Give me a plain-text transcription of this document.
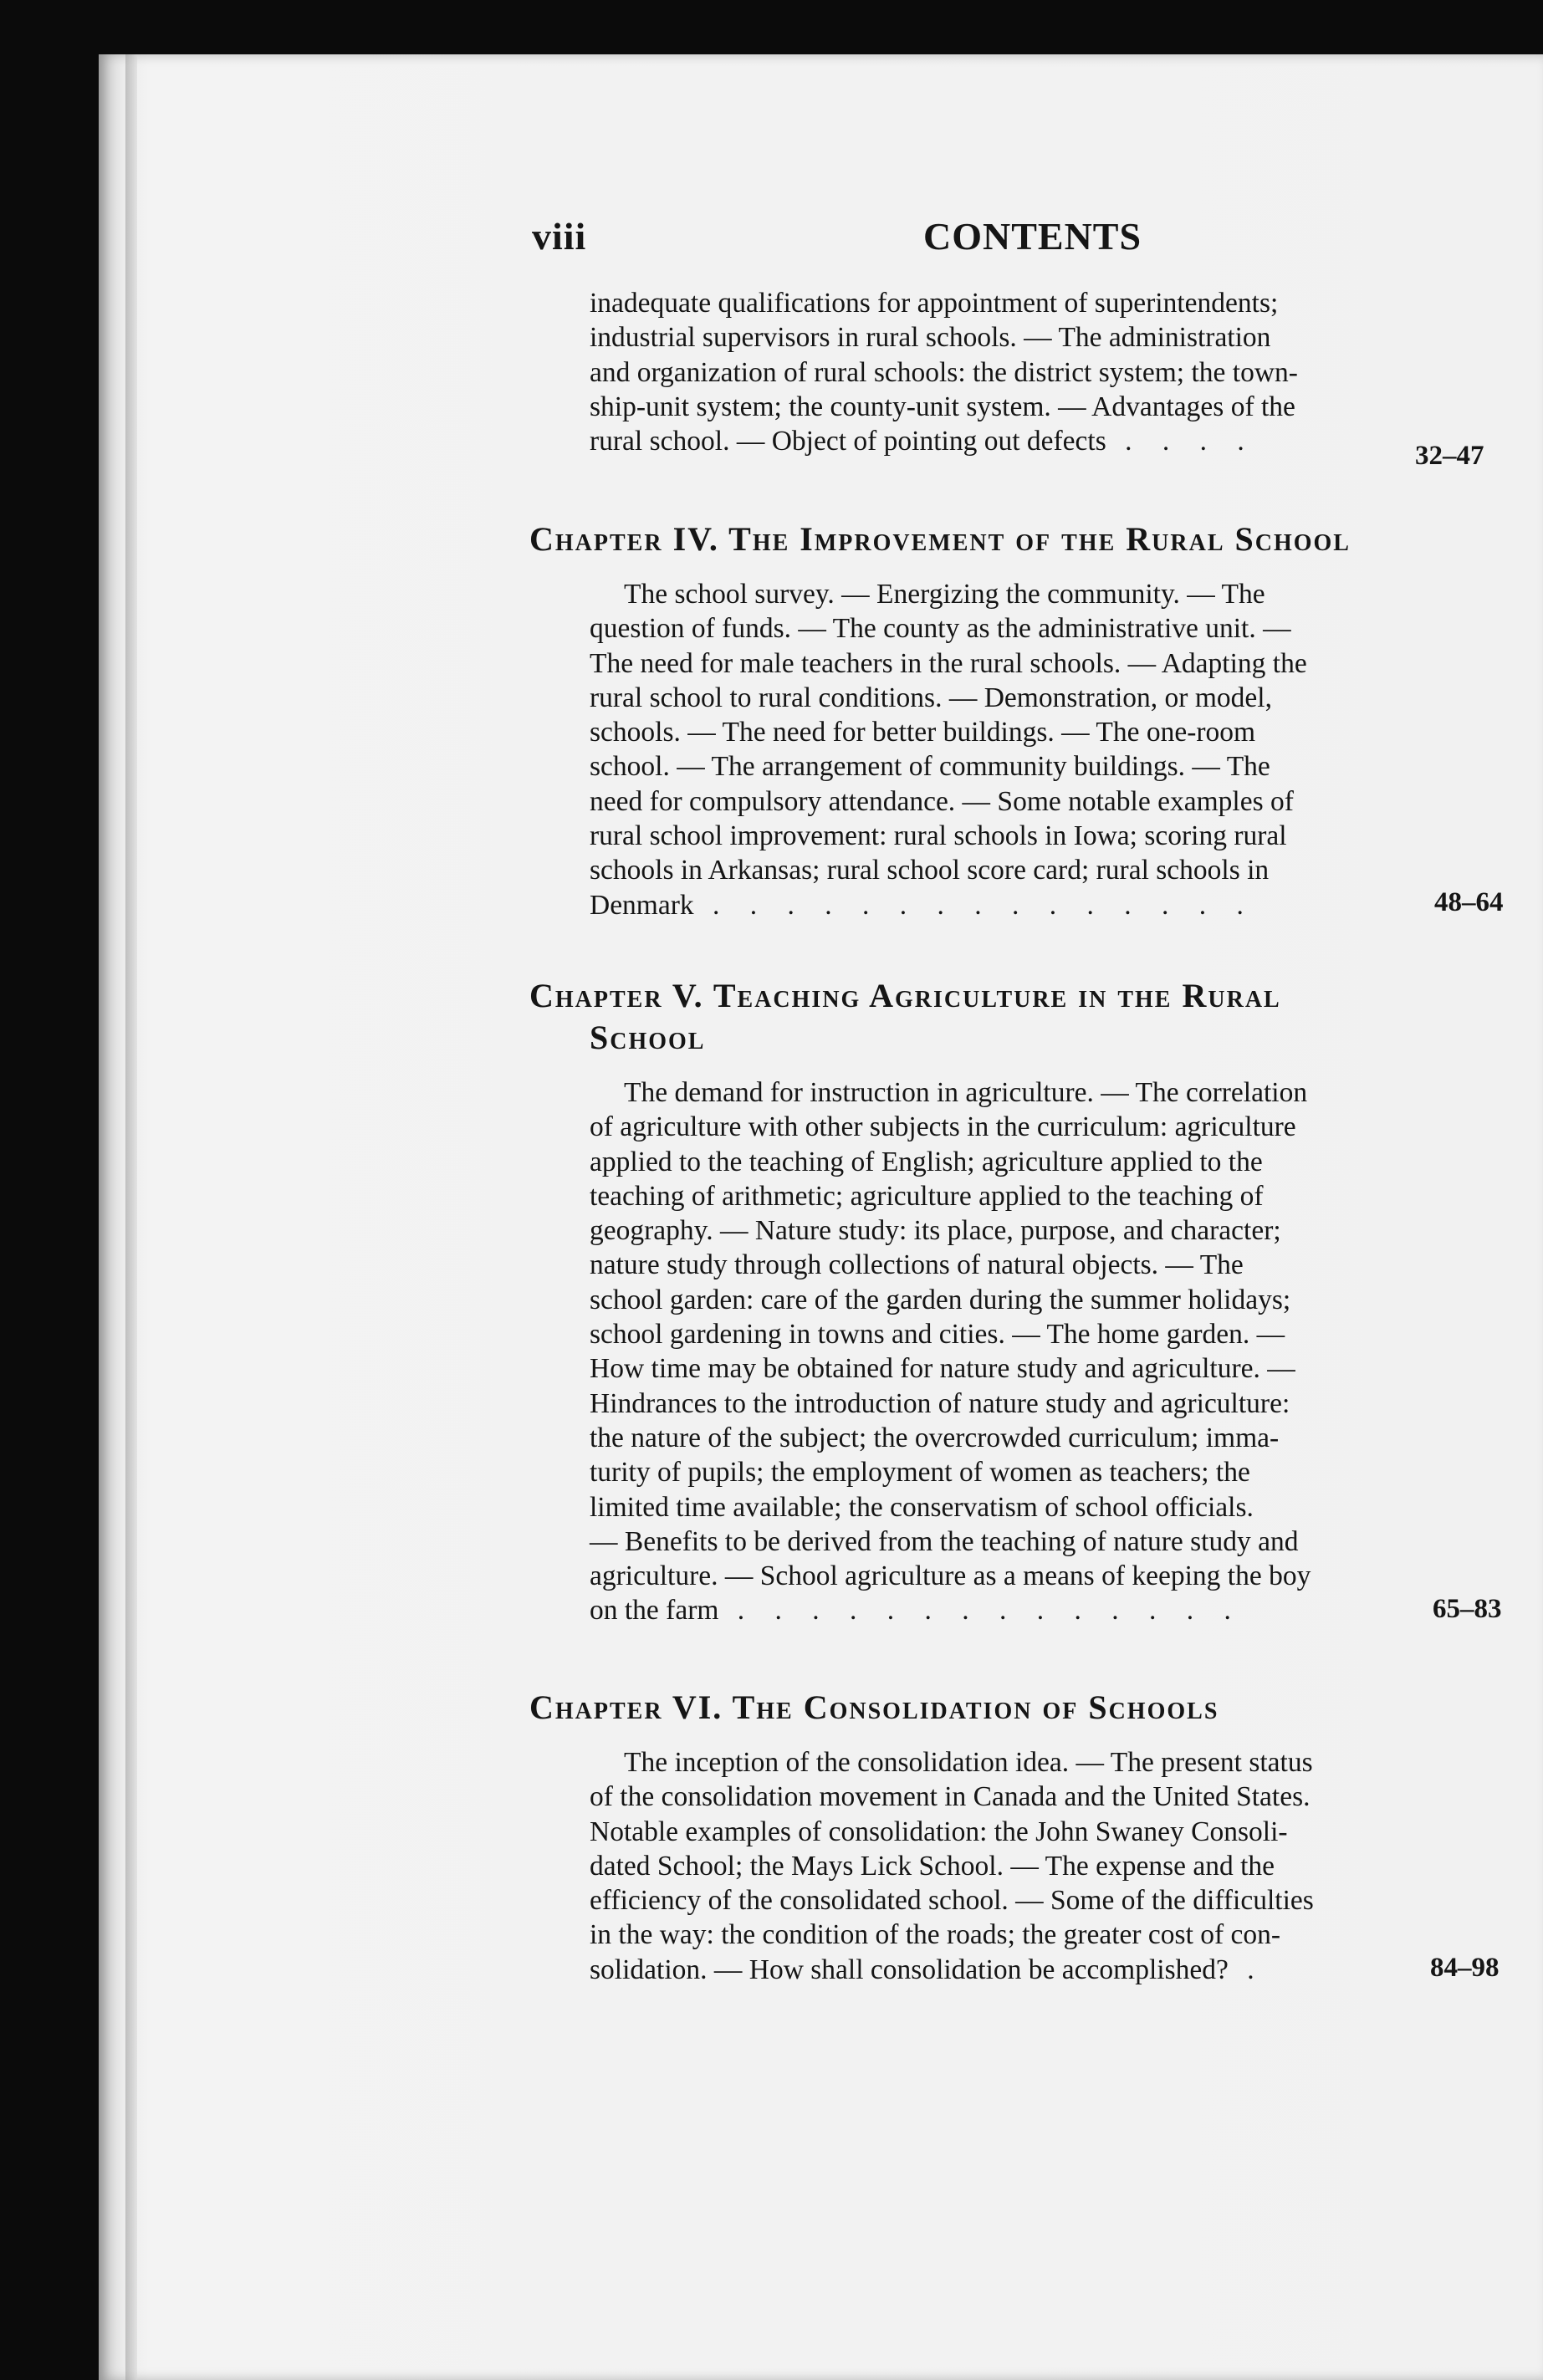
viii	CONTENTS
inadequate qualifications for appointment of superintendents;
industrial supervisors in rural schools. — The administration
and organization of rural schools: the district system; the town-
ship-unit system; the county-unit system. — Advantages of the
rural school. — Object of pointing out defects . . . .	32–47
Chapter IV. The Improvement of the Rural School
The school survey. — Energizing the community. — The
question of funds. — The county as the administrative unit. —
The need for male teachers in the rural schools. — Adapting the
rural school to rural conditions. — Demonstration, or model,
schools. — The need for better buildings. — The one-room
school. — The arrangement of community buildings. — The
need for compulsory attendance. — Some notable examples of
rural school improvement: rural schools in Iowa; scoring rural
schools in Arkansas; rural school score card; rural schools in
Denmark . . . . . . . . . . . . . . .	48–64
Chapter V. Teaching Agriculture in the Rural
School
The demand for instruction in agriculture. — The correlation
of agriculture with other subjects in the curriculum: agriculture
applied to the teaching of English; agriculture applied to the
teaching of arithmetic; agriculture applied to the teaching of
geography. — Nature study: its place, purpose, and character;
nature study through collections of natural objects. — The
school garden: care of the garden during the summer holidays;
school gardening in towns and cities. — The home garden. —
How time may be obtained for nature study and agriculture. —
Hindrances to the introduction of nature study and agriculture:
the nature of the subject; the overcrowded curriculum; imma-
turity of pupils; the employment of women as teachers; the
limited time available; the conservatism of school officials.
— Benefits to be derived from the teaching of nature study and
agriculture. — School agriculture as a means of keeping the boy
on the farm . . . . . . . . . . . . . .	65–83
Chapter VI. The Consolidation of Schools
The inception of the consolidation idea. — The present status
of the consolidation movement in Canada and the United States.
Notable examples of consolidation: the John Swaney Consoli-
dated School; the Mays Lick School. — The expense and the
efficiency of the consolidated school. — Some of the difficulties
in the way: the condition of the roads; the greater cost of con-
solidation. — How shall consolidation be accomplished? .	84–98
